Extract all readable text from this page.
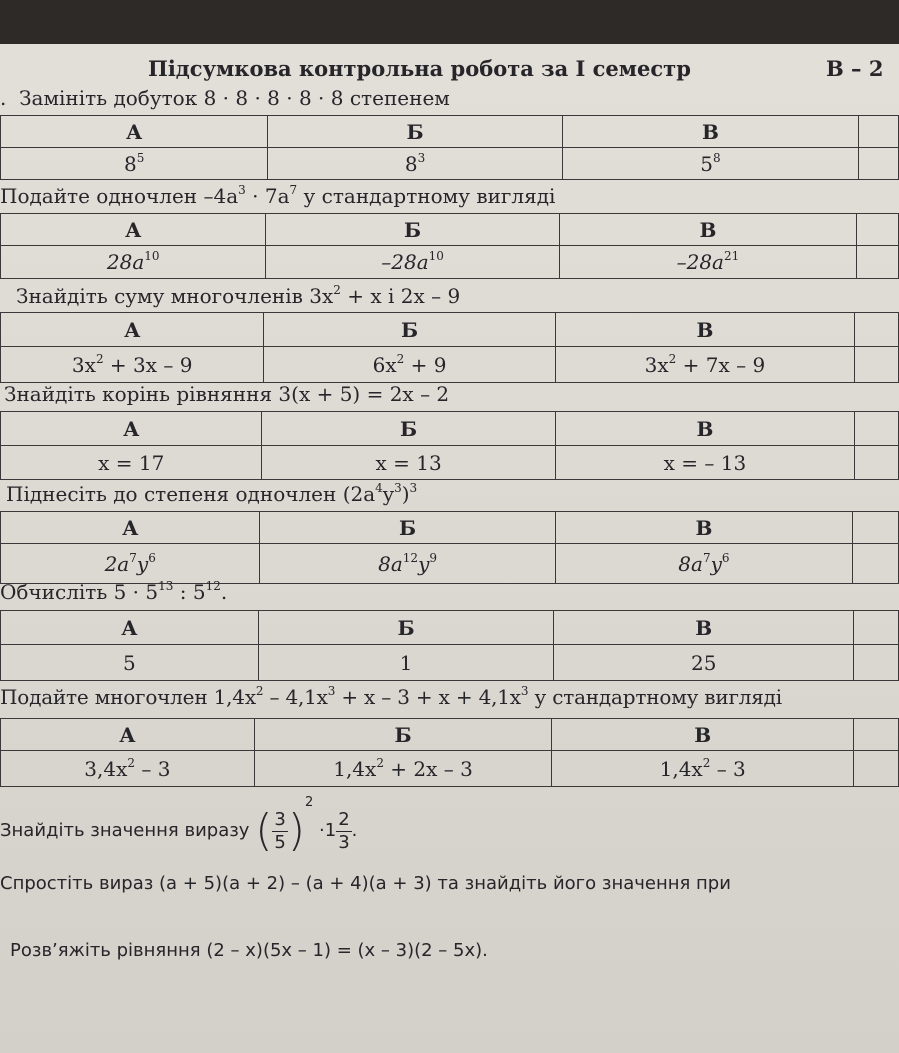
Підсумкова контрольна робота за І семестр	В – 2
. Замініть добуток 8 · 8 · 8 · 8 · 8 степенем
	А	Б	В	
	$8^5$	$8^3$	$5^8$	
Подайте одночлен $-4a^3 \cdot 7a^7$ у стандартному вигляді
	А	Б	В	
	$28a^{10}$	$-28a^{10}$	$-28a^{21}$	
Знайдіть суму многочленів $3x^2 + x$ і 2x – 9
	А	Б	В	
	$3x^2 + 3x - 9$	$6x^2 + 9$	$3x^2 + 7x - 9$	
Знайдіть корінь рівняння 3(x + 5) = 2x – 2
	А	Б	В	
	x = 17	x = 13	x = – 13	
Піднесіть до степеня одночлен $(2a^4y^3)^3$
	А	Б	В	
	$2a^7y^6$	$8a^{12}y^9$	$8a^7y^6$	
Обчисліть $5 \cdot 5^{13}$ : $5^{12}$.
	А	Б	В	
	5	1	25	
Подайте многочлен $1,4x^2 - 4,1x^3 + x - 3 + x + 4,1x^3$ у стандартному вигляді
	А	Б	В	
	$3,4x^2 - 3$	$1,4x^2 + 2x - 3$	$1,4x^2 - 3$	
Знайдіть значення виразу ( $\frac{3}{5} )^2 \cdot 1 \frac{2}{3}$ .
Спростіть вираз (a + 5)(a + 2) – (a + 4)(a + 3) та знайдіть його значення при
Розв’яжіть рівняння (2 – x)(5x – 1) = (x – 3)(2 – 5x).
